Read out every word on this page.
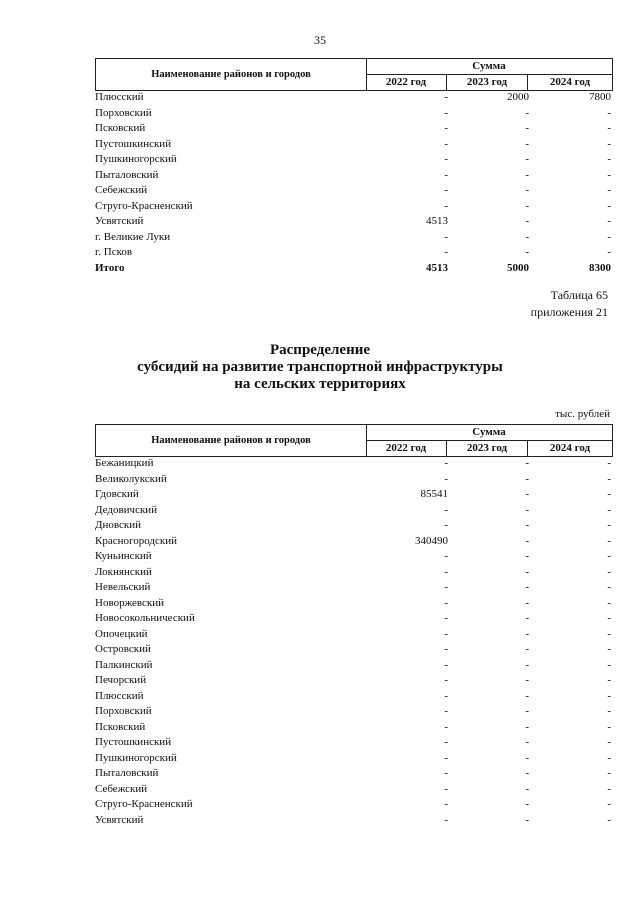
35
Наименование районов и городов
Сумма
2022 год	2023 год	2024 год
Плюсский	-	2000	7800
Порховский	-	-	-
Псковский	-	-	-
Пустошкинский	-	-	-
Пушкиногорский	-	-	-
Пыталовский	-	-	-
Себежский	-	-	-
Струго-Красненский	-	-	-
Усвятский	4513	-	-
г. Великие Луки	-	-	-
г. Псков	-	-	-
Итого	4513	5000	8300
Таблица 65
приложения 21
Распределение
субсидий на развитие транспортной инфраструктуры
на сельских территориях
тыс. рублей
Наименование районов и городов
Сумма
2022 год	2023 год	2024 год
Бежаницкий	-	-	-
Великолукский	-	-	-
Гдовский	85541	-	-
Дедовичский	-	-	-
Дновский	-	-	-
Красногородский	340490	-	-
Куньинский	-	-	-
Локнянский	-	-	-
Невельский	-	-	-
Новоржевский	-	-	-
Новосокольнический	-	-	-
Опочецкий	-	-	-
Островский	-	-	-
Палкинский	-	-	-
Печорский	-	-	-
Плюсский	-	-	-
Порховский	-	-	-
Псковский	-	-	-
Пустошкинский	-	-	-
Пушкиногорский	-	-	-
Пыталовский	-	-	-
Себежский	-	-	-
Струго-Красненский	-	-	-
Усвятский	-	-	-
